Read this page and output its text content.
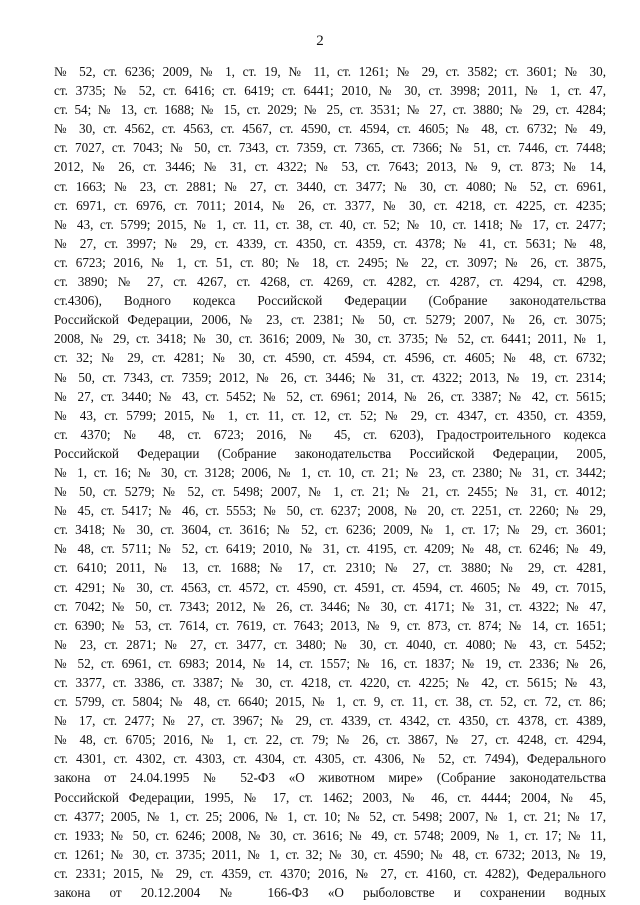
2
№ 52, ст. 6236; 2009, № 1, ст. 19, № 11, ст. 1261; № 29, ст. 3582; ст. 3601; № 30,
ст. 3735; № 52, ст. 6416; ст. 6419; ст. 6441; 2010, № 30, ст. 3998; 2011, № 1, ст. 47,
ст. 54; № 13, ст. 1688; № 15, ст. 2029; № 25, ст. 3531; № 27, ст. 3880; № 29, ст. 4284;
№ 30, ст. 4562, ст. 4563, ст. 4567, ст. 4590, ст. 4594, ст. 4605; № 48, ст. 6732; № 49,
ст. 7027, ст. 7043; № 50, ст. 7343, ст. 7359, ст. 7365, ст. 7366; № 51, ст. 7446, ст. 7448;
2012, № 26, ст. 3446; № 31, ст. 4322; № 53, ст. 7643; 2013, № 9, ст. 873; № 14,
ст. 1663; № 23, ст. 2881; № 27, ст. 3440, ст. 3477; № 30, ст. 4080; № 52, ст. 6961,
ст. 6971, ст. 6976, ст. 7011; 2014, № 26, ст. 3377, № 30, ст. 4218, ст. 4225, ст. 4235;
№ 43, ст. 5799; 2015, № 1, ст. 11, ст. 38, ст. 40, ст. 52; № 10, ст. 1418; № 17, ст. 2477;
№ 27, ст. 3997; № 29, ст. 4339, ст. 4350, ст. 4359, ст. 4378; № 41, ст. 5631; № 48,
ст. 6723; 2016, № 1, ст. 51, ст. 80; № 18, ст. 2495; № 22, ст. 3097; № 26, ст. 3875,
ст. 3890; № 27, ст. 4267, ст. 4268, ст. 4269, ст. 4282, ст. 4287, ст. 4294, ст. 4298,
ст.4306), Водного кодекса Российской Федерации (Собрание законодательства
Российской Федерации, 2006, № 23, ст. 2381; № 50, ст. 5279; 2007, № 26, ст. 3075;
2008, № 29, ст. 3418; № 30, ст. 3616; 2009, № 30, ст. 3735; № 52, ст. 6441; 2011, № 1,
ст. 32; № 29, ст. 4281; № 30, ст. 4590, ст. 4594, ст. 4596, ст. 4605; № 48, ст. 6732;
№ 50, ст. 7343, ст. 7359; 2012, № 26, ст. 3446; № 31, ст. 4322; 2013, № 19, ст. 2314;
№ 27, ст. 3440; № 43, ст. 5452; № 52, ст. 6961; 2014, № 26, ст. 3387; № 42, ст. 5615;
№ 43, ст. 5799; 2015, № 1, ст. 11, ст. 12, ст. 52; № 29, ст. 4347, ст. 4350, ст. 4359,
ст. 4370; № 48, ст. 6723; 2016, № 45, ст. 6203), Градостроительного кодекса
Российской Федерации (Собрание законодательства Российской Федерации, 2005,
№ 1, ст. 16; № 30, ст. 3128; 2006, № 1, ст. 10, ст. 21; № 23, ст. 2380; № 31, ст. 3442;
№ 50, ст. 5279; № 52, ст. 5498; 2007, № 1, ст. 21; № 21, ст. 2455; № 31, ст. 4012;
№ 45, ст. 5417; № 46, ст. 5553; № 50, ст. 6237; 2008, № 20, ст. 2251, ст. 2260; № 29,
ст. 3418; № 30, ст. 3604, ст. 3616; № 52, ст. 6236; 2009, № 1, ст. 17; № 29, ст. 3601;
№ 48, ст. 5711; № 52, ст. 6419; 2010, № 31, ст. 4195, ст. 4209; № 48, ст. 6246; № 49,
ст. 6410; 2011, № 13, ст. 1688; № 17, ст. 2310; № 27, ст. 3880; № 29, ст. 4281,
ст. 4291; № 30, ст. 4563, ст. 4572, ст. 4590, ст. 4591, ст. 4594, ст. 4605; № 49, ст. 7015,
ст. 7042; № 50, ст. 7343; 2012, № 26, ст. 3446; № 30, ст. 4171; № 31, ст. 4322; № 47,
ст. 6390; № 53, ст. 7614, ст. 7619, ст. 7643; 2013, № 9, ст. 873, ст. 874; № 14, ст. 1651;
№ 23, ст. 2871; № 27, ст. 3477, ст. 3480; № 30, ст. 4040, ст. 4080; № 43, ст. 5452;
№ 52, ст. 6961, ст. 6983; 2014, № 14, ст. 1557; № 16, ст. 1837; № 19, ст. 2336; № 26,
ст. 3377, ст. 3386, ст. 3387; № 30, ст. 4218, ст. 4220, ст. 4225; № 42, ст. 5615; № 43,
ст. 5799, ст. 5804; № 48, ст. 6640; 2015, № 1, ст. 9, ст. 11, ст. 38, ст. 52, ст. 72, ст. 86;
№ 17, ст. 2477; № 27, ст. 3967; № 29, ст. 4339, ст. 4342, ст. 4350, ст. 4378, ст. 4389,
№ 48, ст. 6705; 2016, № 1, ст. 22, ст. 79; № 26, ст. 3867, № 27, ст. 4248, ст. 4294,
ст. 4301, ст. 4302, ст. 4303, ст. 4304, ст. 4305, ст. 4306, № 52, ст. 7494), Федерального
закона от 24.04.1995 № 52-ФЗ «О животном мире» (Собрание законодательства
Российской Федерации, 1995, № 17, ст. 1462; 2003, № 46, ст. 4444; 2004, № 45,
ст. 4377; 2005, № 1, ст. 25; 2006, № 1, ст. 10; № 52, ст. 5498; 2007, № 1, ст. 21; № 17,
ст. 1933; № 50, ст. 6246; 2008, № 30, ст. 3616; № 49, ст. 5748; 2009, № 1, ст. 17; № 11,
ст. 1261; № 30, ст. 3735; 2011, № 1, ст. 32; № 30, ст. 4590; № 48, ст. 6732; 2013, № 19,
ст. 2331; 2015, № 29, ст. 4359, ст. 4370; 2016, № 27, ст. 4160, ст. 4282), Федерального
закона от 20.12.2004 № 166-ФЗ «О рыболовстве и сохранении водных
